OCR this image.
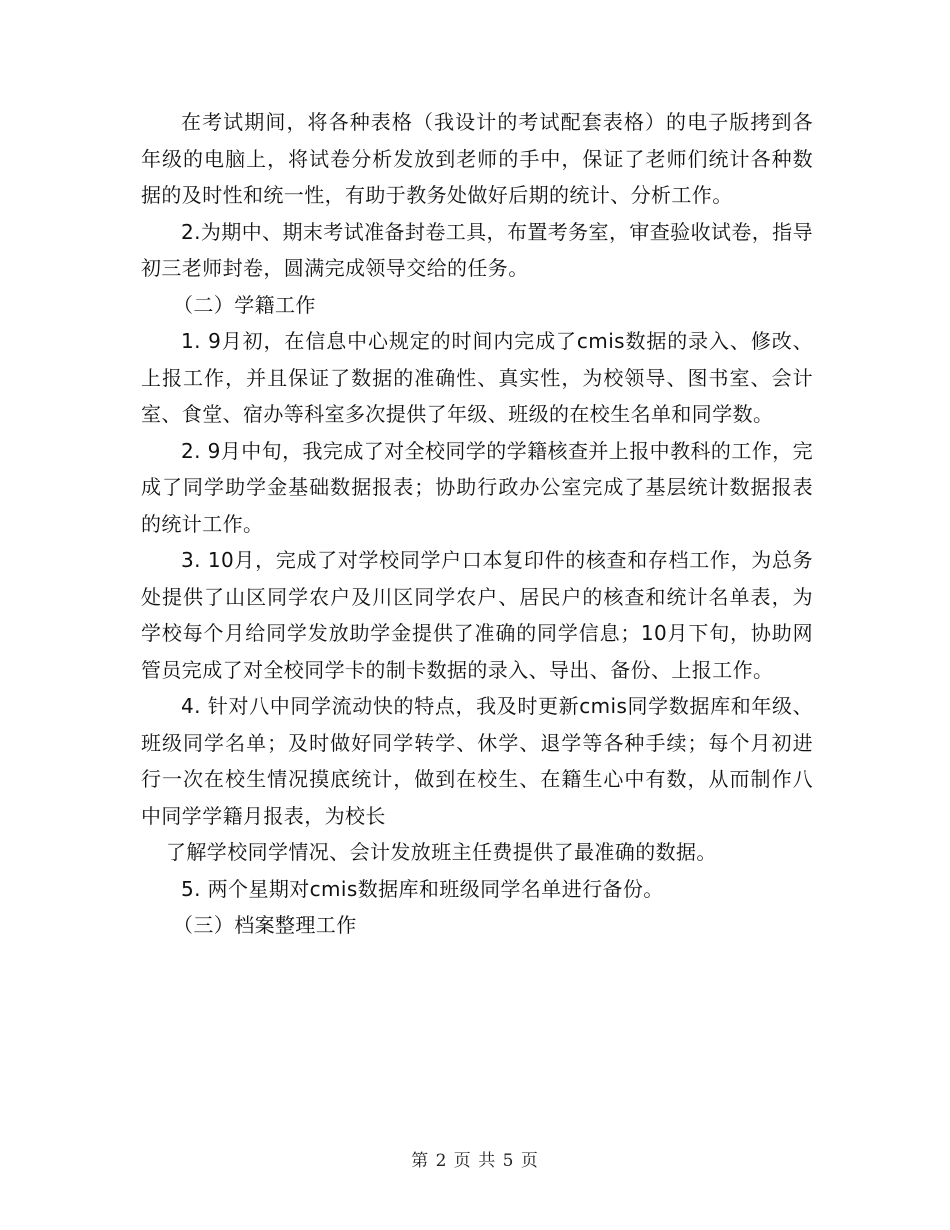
在考试期间，将各种表格（我设计的考试配套表格）的电子版拷到各年级的电脑上，将试卷分析发放到老师的手中，保证了老师们统计各种数据的及时性和统一性，有助于教务处做好后期的统计、分析工作。

2.为期中、期末考试准备封卷工具，布置考务室，审查验收试卷，指导初三老师封卷，圆满完成领导交给的任务。

（二）学籍工作

1. 9月初，在信息中心规定的时间内完成了cmis数据的录入、修改、上报工作，并且保证了数据的准确性、真实性，为校领导、图书室、会计室、食堂、宿办等科室多次提供了年级、班级的在校生名单和同学数。

2. 9月中旬，我完成了对全校同学的学籍核查并上报中教科的工作，完成了同学助学金基础数据报表；协助行政办公室完成了基层统计数据报表的统计工作。

3. 10月，完成了对学校同学户口本复印件的核查和存档工作，为总务处提供了山区同学农户及川区同学农户、居民户的核查和统计名单表，为学校每个月给同学发放助学金提供了准确的同学信息；10月下旬，协助网管员完成了对全校同学卡的制卡数据的录入、导出、备份、上报工作。

4. 针对八中同学流动快的特点，我及时更新cmis同学数据库和年级、班级同学名单；及时做好同学转学、休学、退学等各种手续；每个月初进行一次在校生情况摸底统计，做到在校生、在籍生心中有数，从而制作八中同学学籍月报表，为校长

了解学校同学情况、会计发放班主任费提供了最准确的数据。

5. 两个星期对cmis数据库和班级同学名单进行备份。

（三）档案整理工作

第 2 页 共 5 页
